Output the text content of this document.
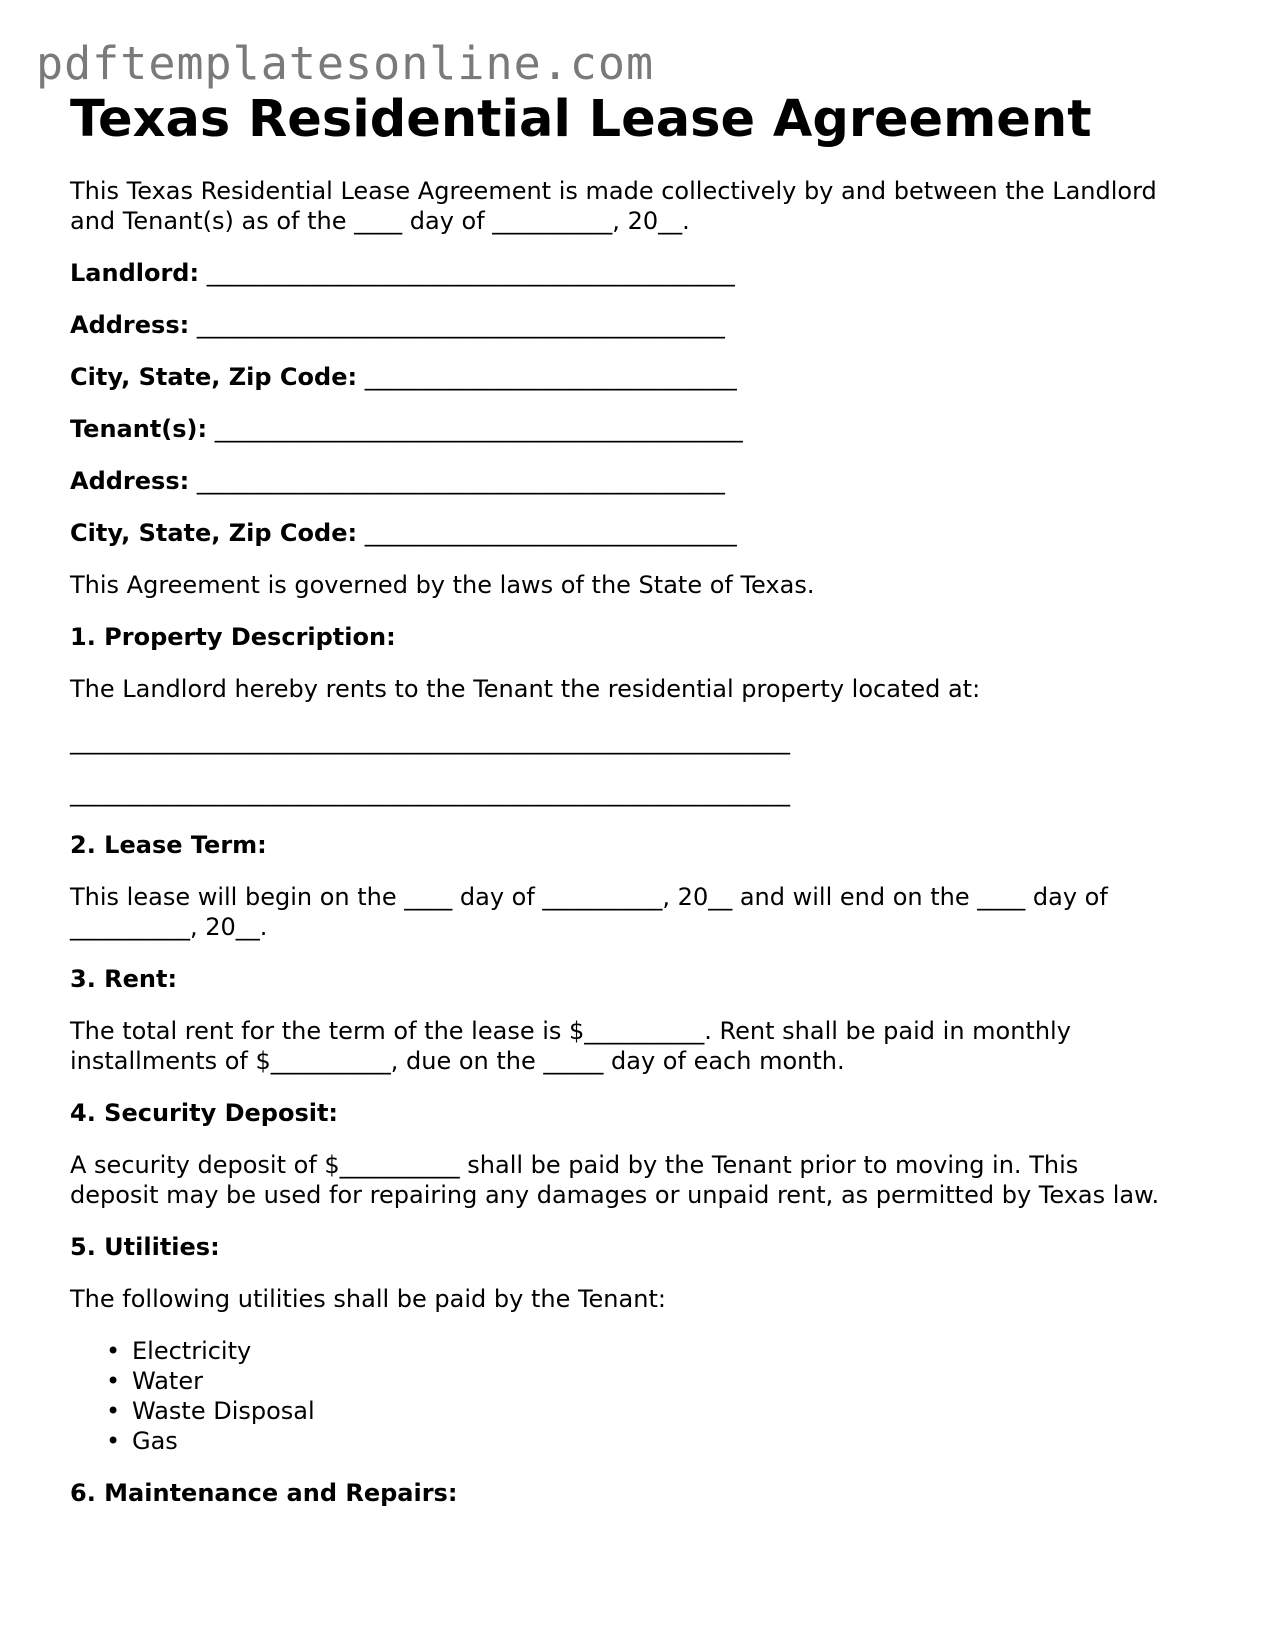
pdftemplatesonline.com
Texas Residential Lease Agreement

This Texas Residential Lease Agreement is made collectively by and between the Landlord
and Tenant(s) as of the ____ day of __________, 20__.

Landlord: ____________________________________________

Address: ____________________________________________

City, State, Zip Code: _______________________________

Tenant(s): ____________________________________________

Address: ____________________________________________

City, State, Zip Code: _______________________________

This Agreement is governed by the laws of the State of Texas.

1. Property Description:

The Landlord hereby rents to the Tenant the residential property located at:

____________________________________________________________

____________________________________________________________

2. Lease Term:

This lease will begin on the ____ day of __________, 20__ and will end on the ____ day of
__________, 20__.

3. Rent:

The total rent for the term of the lease is $__________. Rent shall be paid in monthly
installments of $__________, due on the _____ day of each month.

4. Security Deposit:

A security deposit of $__________ shall be paid by the Tenant prior to moving in. This
deposit may be used for repairing any damages or unpaid rent, as permitted by Texas law.

5. Utilities:

The following utilities shall be paid by the Tenant:

• Electricity
• Water
• Waste Disposal
• Gas

6. Maintenance and Repairs:
